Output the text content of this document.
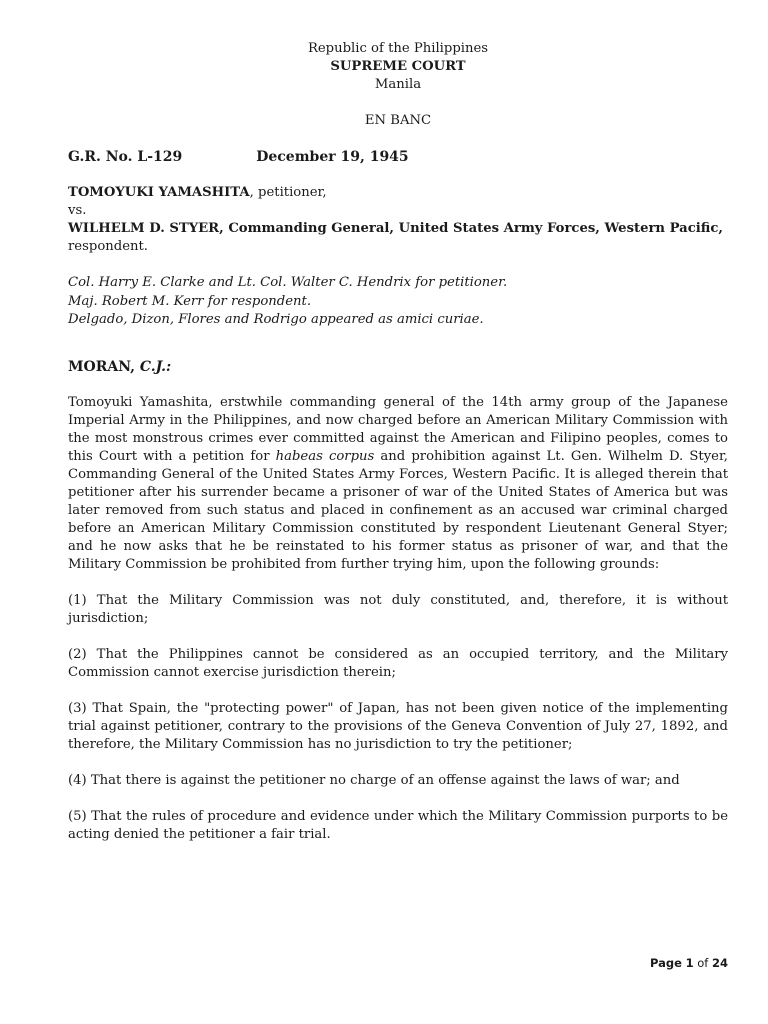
Republic of the Philippines
SUPREME COURT
Manila
EN BANC
G.R. No. L-129	December 19, 1945
TOMOYUKI YAMASHITA, petitioner,
vs.
WILHELM D. STYER, Commanding General, United States Army Forces, Western Pacific, respondent.
Col. Harry E. Clarke and Lt. Col. Walter C. Hendrix for petitioner.
Maj. Robert M. Kerr for respondent.
Delgado, Dizon, Flores and Rodrigo appeared as amici curiae.
MORAN, C.J.:

Tomoyuki Yamashita, erstwhile commanding general of the 14th army group of the Japanese Imperial Army in the Philippines, and now charged before an American Military Commission with the most monstrous crimes ever committed against the American and Filipino peoples, comes to this Court with a petition for habeas corpus and prohibition against Lt. Gen. Wilhelm D. Styer, Commanding General of the United States Army Forces, Western Pacific. It is alleged therein that petitioner after his surrender became a prisoner of war of the United States of America but was later removed from such status and placed in confinement as an accused war criminal charged before an American Military Commission constituted by respondent Lieutenant General Styer; and he now asks that he be reinstated to his former status as prisoner of war, and that the Military Commission be prohibited from further trying him, upon the following grounds:

(1) That the Military Commission was not duly constituted, and, therefore, it is without jurisdiction;

(2) That the Philippines cannot be considered as an occupied territory, and the Military Commission cannot exercise jurisdiction therein;

(3) That Spain, the "protecting power" of Japan, has not been given notice of the implementing trial against petitioner, contrary to the provisions of the Geneva Convention of July 27, 1892, and therefore, the Military Commission has no jurisdiction to try the petitioner;

(4) That there is against the petitioner no charge of an offense against the laws of war; and

(5) That the rules of procedure and evidence under which the Military Commission purports to be acting denied the petitioner a fair trial.

Page 1 of 24
